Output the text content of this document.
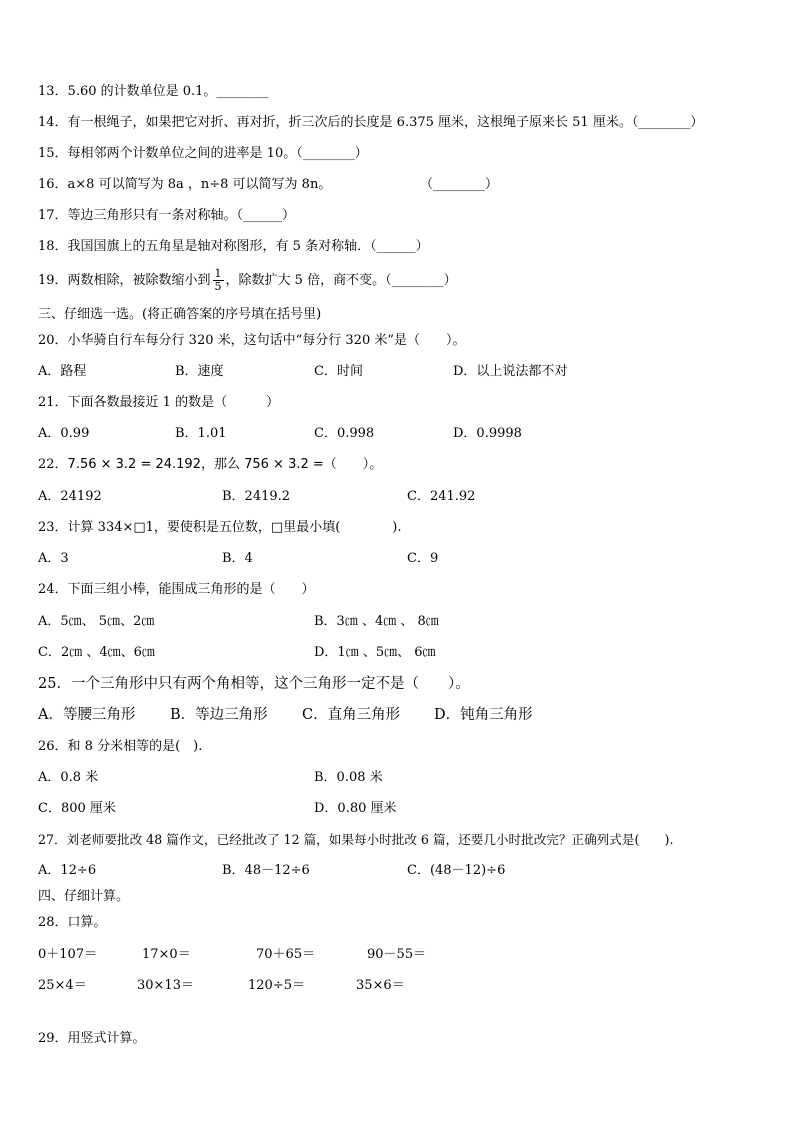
13．5.60 的计数单位是 0.1。________
14．有一根绳子，如果把它对折、再对折，折三次后的长度是 6.375 厘米，这根绳子原来长 51 厘米。（________）
15．每相邻两个计数单位之间的进率是 10。（________）
16．a×8 可以简写为 8a ，n÷8 可以简写为 8n。	（________）
17．等边三角形只有一条对称轴。（______）
18．我国国旗上的五角星是轴对称图形，有 5 条对称轴．（______）
19．两数相除，被除数缩小到 $\frac{1}{5}$ ，除数扩大 5 倍，商不变。（________）
三、仔细选一选。(将正确答案的序号填在括号里)
20．小华骑自行车每分行 320 米，这句话中“每分行 320 米”是（　　）。
A．路程	B．速度	C．时间	D．以上说法都不对
21．下面各数最接近 1 的数是（　　　）
A．0.99	B．1.01	C．0.998	D．0.9998
22．7.56 × 3.2 = 24.192，那么 756 × 3.2 =（　　）。
A．24192	B．2419.2	C．241.92
23．计算 334×□1，要使积是五位数，□里最小填(　　　　).
A．3	B．4	C．9
24．下面三组小棒，能围成三角形的是（　　）
A．5㎝、 5㎝、2㎝	B．3㎝ 、4㎝ 、 8㎝
C．2㎝ 、4㎝、6㎝	D．1㎝ 、5㎝、 6㎝
25．一个三角形中只有两个角相等，这个三角形一定不是（　　）。
A．等腰三角形 B．等边三角形 C．直角三角形 D．钝角三角形
26．和 8 分米相等的是(　).
A．0.8 米	B．0.08 米
C．800 厘米	D．0.80 厘米
27．刘老师要批改 48 篇作文，已经批改了 12 篇，如果每小时批改 6 篇，还要几小时批改完？正确列式是(　　).
A．12÷6	B．48－12÷6	C．(48－12)÷6
四、仔细计算。
28．口算。
0＋107＝	17×0＝	70＋65＝	90－55＝
25×4＝	30×13＝	120÷5＝	35×6＝
29．用竖式计算。
